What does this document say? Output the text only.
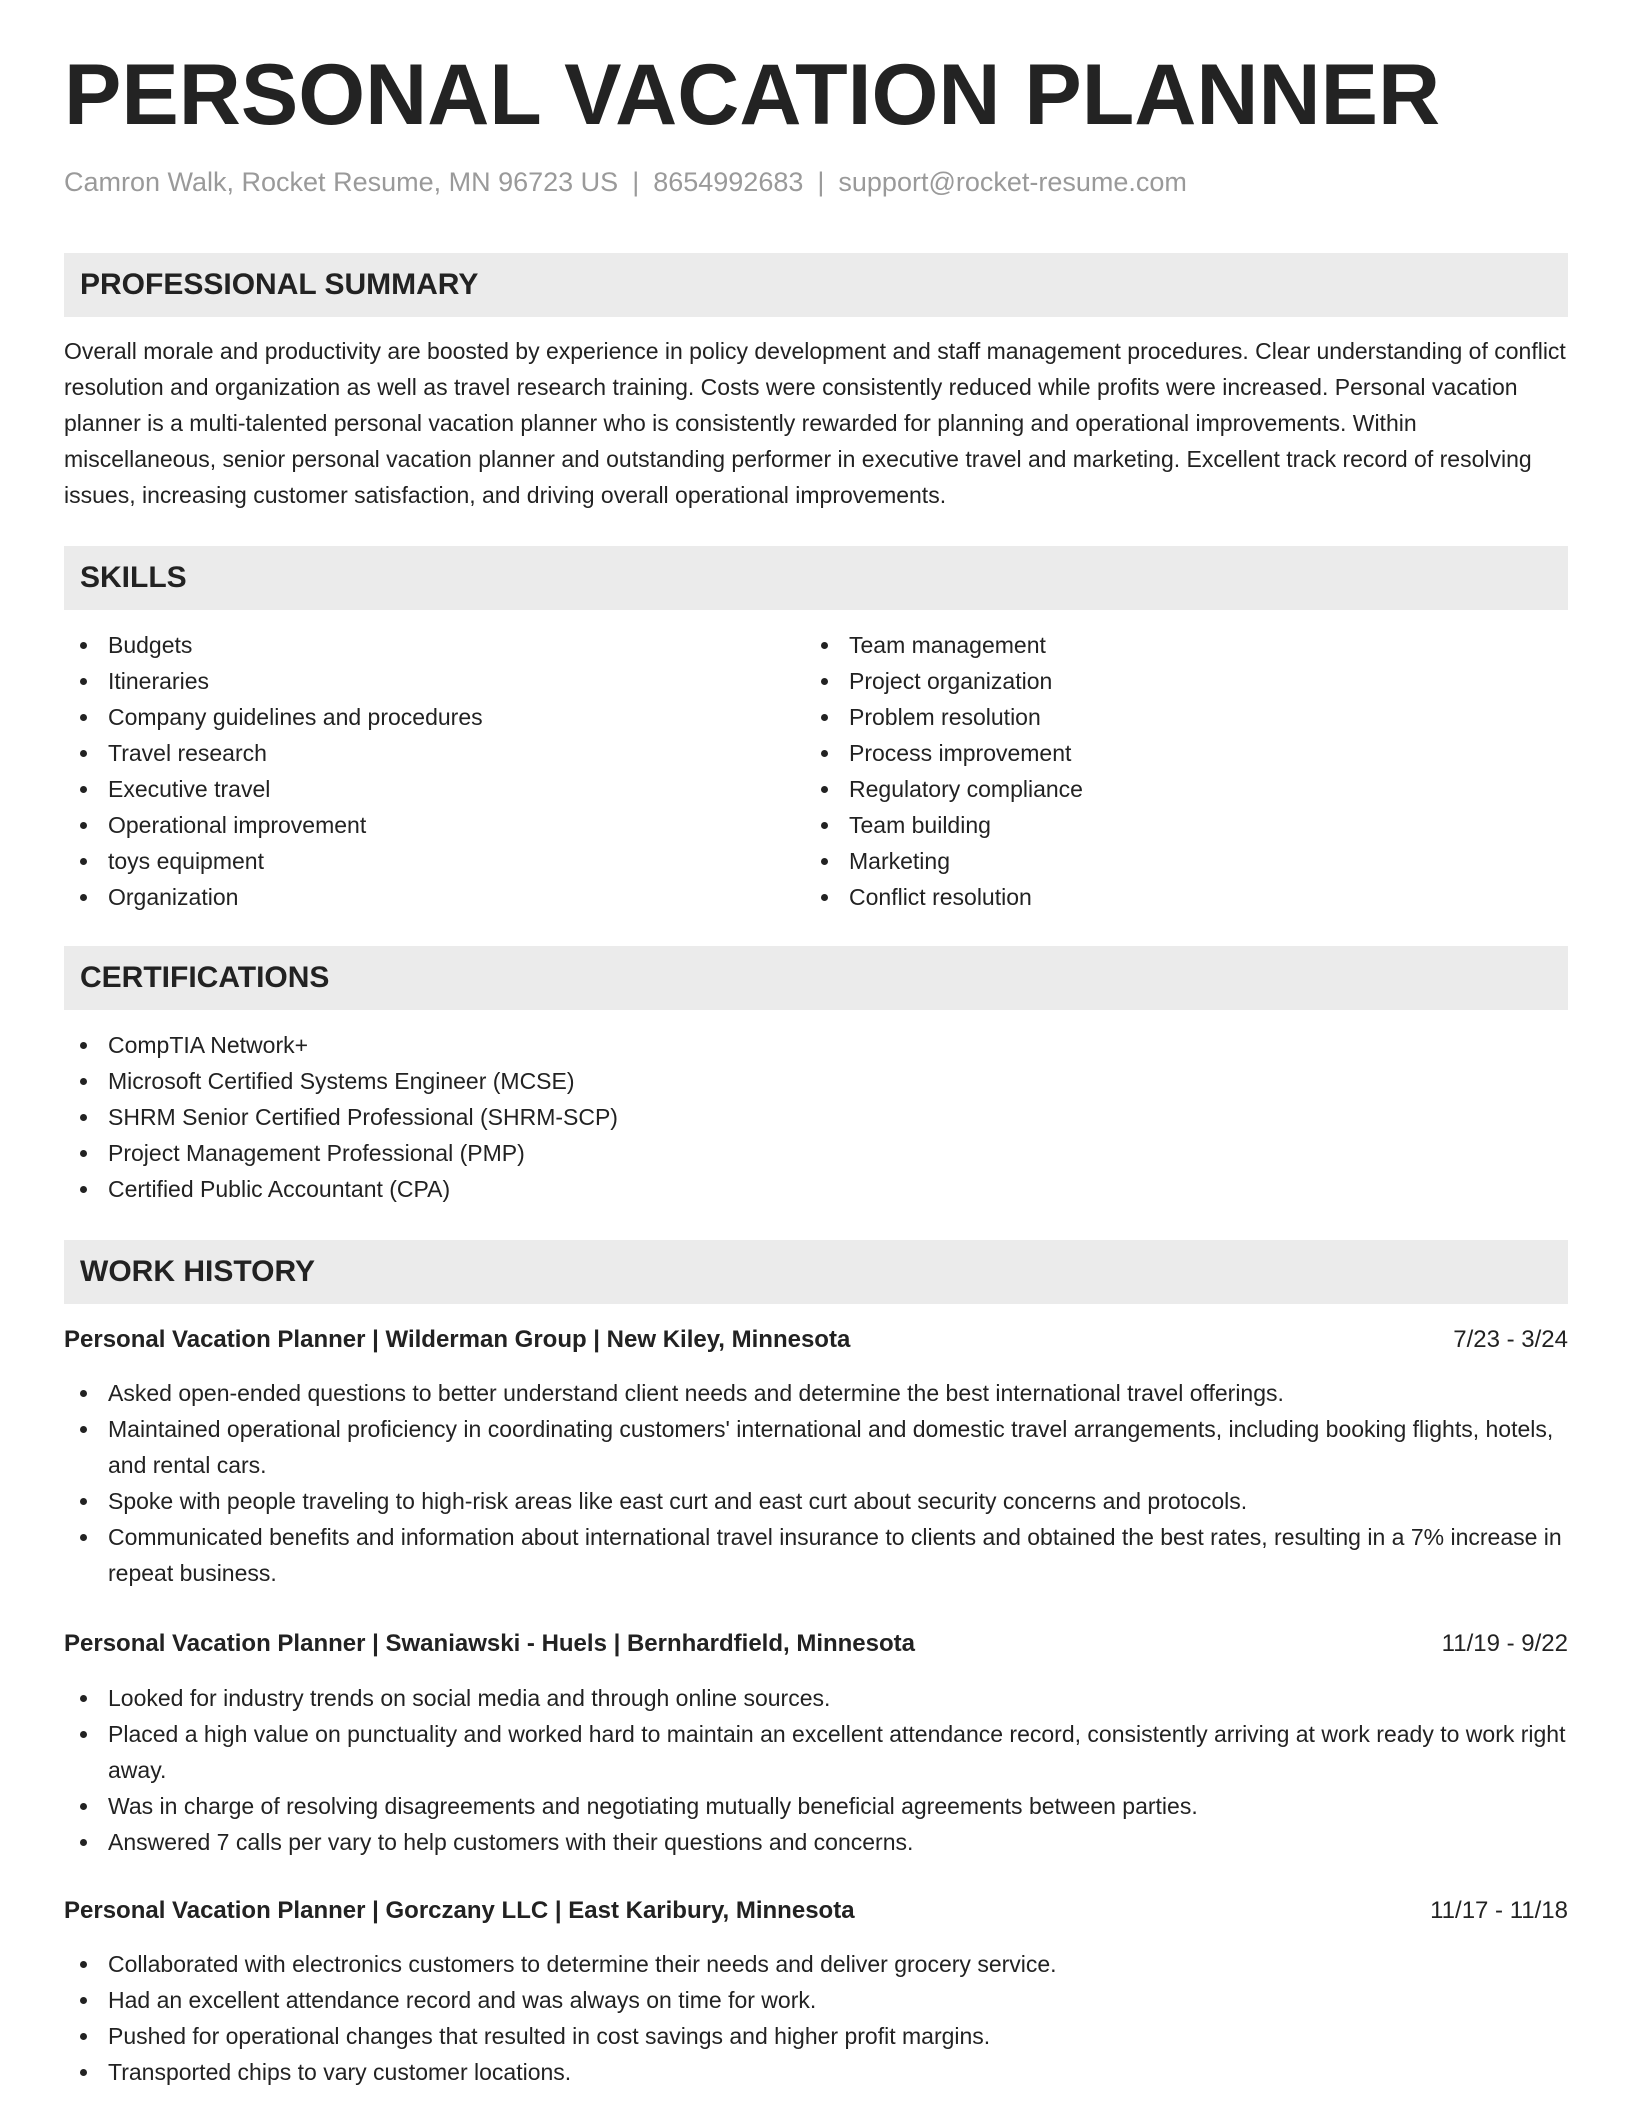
PERSONAL VACATION PLANNER
Camron Walk, Rocket Resume, MN 96723 US | 8654992683 | support@rocket-resume.com
PROFESSIONAL SUMMARY
Overall morale and productivity are boosted by experience in policy development and staff management procedures. Clear understanding of conflict resolution and organization as well as travel research training. Costs were consistently reduced while profits were increased. Personal vacation planner is a multi-talented personal vacation planner who is consistently rewarded for planning and operational improvements. Within miscellaneous, senior personal vacation planner and outstanding performer in executive travel and marketing. Excellent track record of resolving issues, increasing customer satisfaction, and driving overall operational improvements.
SKILLS
Budgets
Itineraries
Company guidelines and procedures
Travel research
Executive travel
Operational improvement
toys equipment
Organization
Team management
Project organization
Problem resolution
Process improvement
Regulatory compliance
Team building
Marketing
Conflict resolution
CERTIFICATIONS
CompTIA Network+
Microsoft Certified Systems Engineer (MCSE)
SHRM Senior Certified Professional (SHRM-SCP)
Project Management Professional (PMP)
Certified Public Accountant (CPA)
WORK HISTORY
Personal Vacation Planner | Wilderman Group | New Kiley, Minnesota	7/23 - 3/24
Asked open-ended questions to better understand client needs and determine the best international travel offerings.
Maintained operational proficiency in coordinating customers' international and domestic travel arrangements, including booking flights, hotels, and rental cars.
Spoke with people traveling to high-risk areas like east curt and east curt about security concerns and protocols.
Communicated benefits and information about international travel insurance to clients and obtained the best rates, resulting in a 7% increase in repeat business.
Personal Vacation Planner | Swaniawski - Huels | Bernhardfield, Minnesota	11/19 - 9/22
Looked for industry trends on social media and through online sources.
Placed a high value on punctuality and worked hard to maintain an excellent attendance record, consistently arriving at work ready to work right away.
Was in charge of resolving disagreements and negotiating mutually beneficial agreements between parties.
Answered 7 calls per vary to help customers with their questions and concerns.
Personal Vacation Planner | Gorczany LLC | East Karibury, Minnesota	11/17 - 11/18
Collaborated with electronics customers to determine their needs and deliver grocery service.
Had an excellent attendance record and was always on time for work.
Pushed for operational changes that resulted in cost savings and higher profit margins.
Transported chips to vary customer locations.
